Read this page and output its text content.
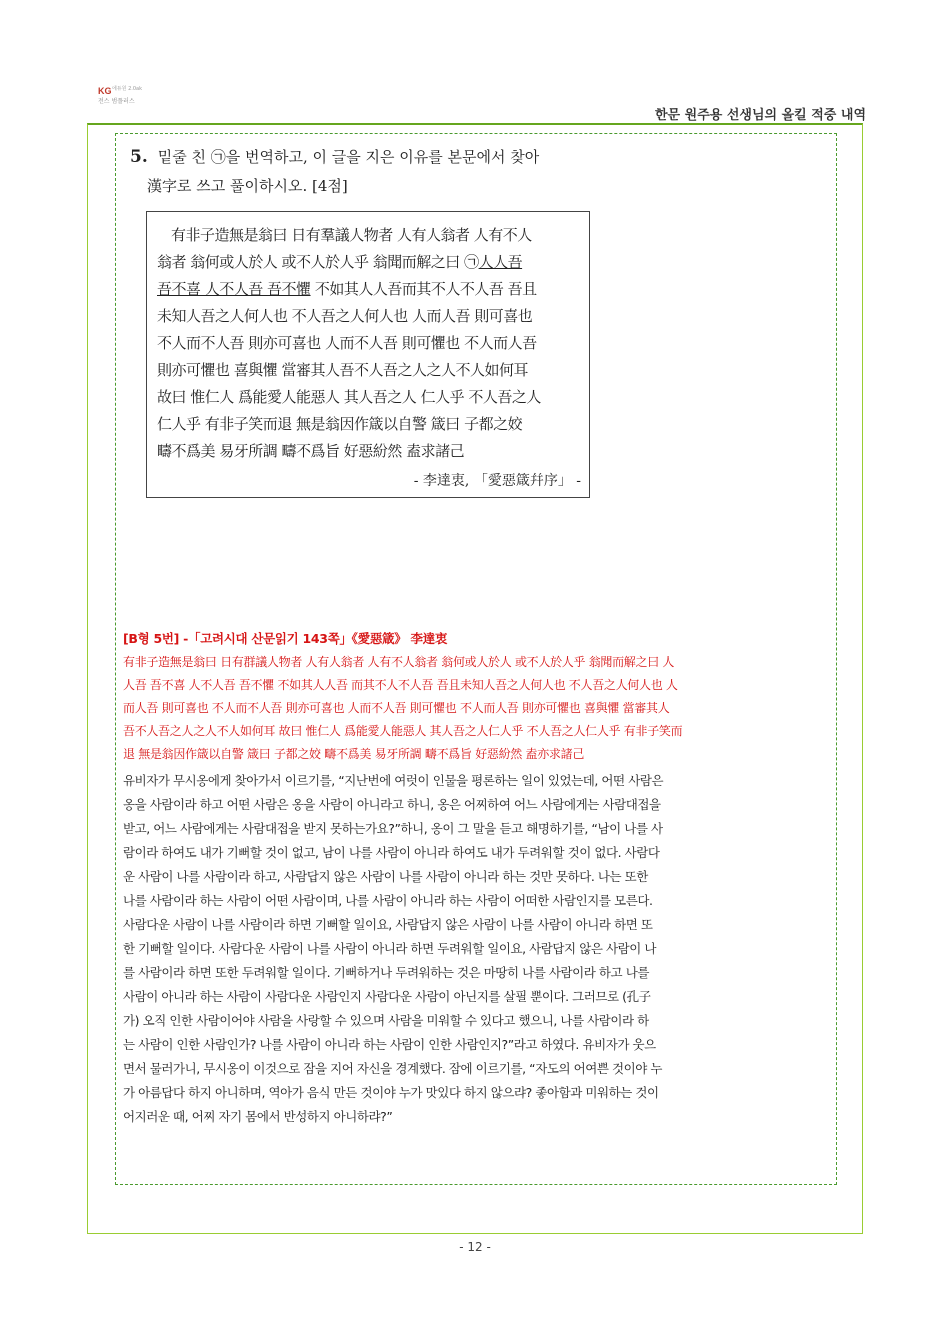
KG 에듀원 2.0ak
전스 범플러스
한문 원주용 선생님의 올킬 적중 내역
5. 밑줄 친 ㉠을 번역하고, 이 글을 지은 이유를 본문에서 찾아
漢字로 쓰고 풀이하시오. [4점]
有非子造無是翁曰 日有羣議人物者 人有人翁者 人有不人
翁者 翁何或人於人 或不人於人乎 翁聞而解之曰 ㉠人人吾
吾不喜 人不人吾 吾不懼 不如其人人吾而其不人不人吾 吾且
未知人吾之人何人也 不人吾之人何人也 人而人吾 則可喜也
不人而不人吾 則亦可喜也 人而不人吾 則可懼也 不人而人吾
則亦可懼也 喜與懼 當審其人吾不人吾之人之人不人如何耳
故曰 惟仁人 爲能愛人能惡人 其人吾之人 仁人乎 不人吾之人
仁人乎 有非子笑而退 無是翁因作箴以自警 箴曰 子都之姣
疇不爲美 易牙所調 疇不爲旨 好惡紛然 盍求諸己
- 李達衷, 「愛惡箴幷序」 -
[B형 5번] -「고려시대 산문읽기 143쪽」《愛惡箴》 李達衷
有非子造無是翁曰 日有群議人物者 人有人翁者 人有不人翁者 翁何或人於人 或不人於人乎 翁聞而解之曰 人
人吾 吾不喜 人不人吾 吾不懼 不如其人人吾 而其不人不人吾 吾且未知人吾之人何人也 不人吾之人何人也 人
而人吾 則可喜也 不人而不人吾 則亦可喜也 人而不人吾 則可懼也 不人而人吾 則亦可懼也 喜與懼 當審其人
吾不人吾之人之人不人如何耳 故曰 惟仁人 爲能愛人能惡人 其人吾之人仁人乎 不人吾之人仁人乎 有非子笑而
退 無是翁因作箴以自警 箴曰 子都之姣 疇不爲美 易牙所調 疇不爲旨 好惡紛然 盍亦求諸己
유비자가 무시옹에게 찾아가서 이르기를, “지난번에 여럿이 인물을 평론하는 일이 있었는데, 어떤 사람은
옹을 사람이라 하고 어떤 사람은 옹을 사람이 아니라고 하니, 옹은 어찌하여 어느 사람에게는 사람대접을
받고, 어느 사람에게는 사람대접을 받지 못하는가요?”하니, 옹이 그 말을 듣고 해명하기를, “남이 나를 사
람이라 하여도 내가 기뻐할 것이 없고, 남이 나를 사람이 아니라 하여도 내가 두려워할 것이 없다. 사람다
운 사람이 나를 사람이라 하고, 사람답지 않은 사람이 나를 사람이 아니라 하는 것만 못하다. 나는 또한
나를 사람이라 하는 사람이 어떤 사람이며, 나를 사람이 아니라 하는 사람이 어떠한 사람인지를 모른다.
사람다운 사람이 나를 사람이라 하면 기뻐할 일이요, 사람답지 않은 사람이 나를 사람이 아니라 하면 또
한 기뻐할 일이다. 사람다운 사람이 나를 사람이 아니라 하면 두려워할 일이요, 사람답지 않은 사람이 나
를 사람이라 하면 또한 두려워할 일이다. 기뻐하거나 두려워하는 것은 마땅히 나를 사람이라 하고 나를
사람이 아니라 하는 사람이 사람다운 사람인지 사람다운 사람이 아닌지를 살필 뿐이다. 그러므로 (孔子
가) 오직 인한 사람이어야 사람을 사랑할 수 있으며 사람을 미워할 수 있다고 했으니, 나를 사람이라 하
는 사람이 인한 사람인가? 나를 사람이 아니라 하는 사람이 인한 사람인지?”라고 하였다. 유비자가 웃으
면서 물러가니, 무시옹이 이것으로 잠을 지어 자신을 경계했다. 잠에 이르기를, “자도의 어여쁜 것이야 누
가 아름답다 하지 아니하며, 역아가 음식 만든 것이야 누가 맛있다 하지 않으랴? 좋아함과 미워하는 것이
어지러운 때, 어찌 자기 몸에서 반성하지 아니하랴?”
- 12 -
